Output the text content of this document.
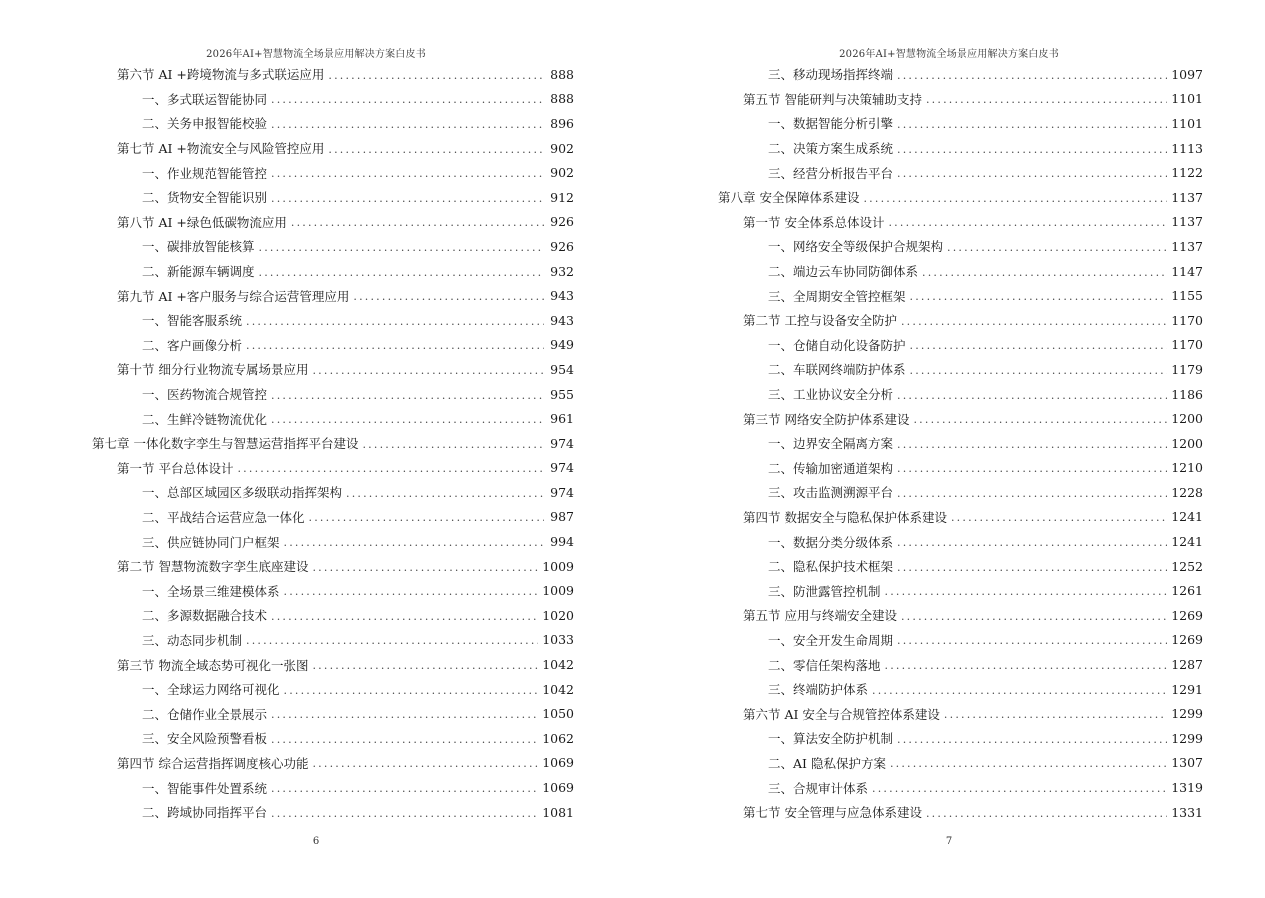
2026年AI+智慧物流全场景应用解决方案白皮书
第六节 AI +跨境物流与多式联运应用 .....	888
一、多式联运智能协同 .....	888
二、关务申报智能校验 .....	896
第七节 AI +物流安全与风险管控应用 .....	902
一、作业规范智能管控 .....	902
二、货物安全智能识别 .....	912
第八节 AI +绿色低碳物流应用 .....	926
一、碳排放智能核算 .....	926
二、新能源车辆调度 .....	932
第九节 AI +客户服务与综合运营管理应用 .....	943
一、智能客服系统 .....	943
二、客户画像分析 .....	949
第十节 细分行业物流专属场景应用 .....	954
一、医药物流合规管控 .....	955
二、生鲜冷链物流优化 .....	961
第七章 一体化数字孪生与智慧运营指挥平台建设 .....	974
第一节 平台总体设计 .....	974
一、总部区域园区多级联动指挥架构 .....	974
二、平战结合运营应急一体化 .....	987
三、供应链协同门户框架 .....	994
第二节 智慧物流数字孪生底座建设 .....	1009
一、全场景三维建模体系 .....	1009
二、多源数据融合技术 .....	1020
三、动态同步机制 .....	1033
第三节 物流全域态势可视化一张图 .....	1042
一、全球运力网络可视化 .....	1042
二、仓储作业全景展示 .....	1050
三、安全风险预警看板 .....	1062
第四节 综合运营指挥调度核心功能 .....	1069
一、智能事件处置系统 .....	1069
二、跨域协同指挥平台 .....	1081
6
2026年AI+智慧物流全场景应用解决方案白皮书
三、移动现场指挥终端 .....	1097
第五节 智能研判与决策辅助支持 .....	1101
一、数据智能分析引擎 .....	1101
二、决策方案生成系统 .....	1113
三、经营分析报告平台 .....	1122
第八章 安全保障体系建设 .....	1137
第一节 安全体系总体设计 .....	1137
一、网络安全等级保护合规架构 .....	1137
二、端边云车协同防御体系 .....	1147
三、全周期安全管控框架 .....	1155
第二节 工控与设备安全防护 .....	1170
一、仓储自动化设备防护 .....	1170
二、车联网终端防护体系 .....	1179
三、工业协议安全分析 .....	1186
第三节 网络安全防护体系建设 .....	1200
一、边界安全隔离方案 .....	1200
二、传输加密通道架构 .....	1210
三、攻击监测溯源平台 .....	1228
第四节 数据安全与隐私保护体系建设 .....	1241
一、数据分类分级体系 .....	1241
二、隐私保护技术框架 .....	1252
三、防泄露管控机制 .....	1261
第五节 应用与终端安全建设 .....	1269
一、安全开发生命周期 .....	1269
二、零信任架构落地 .....	1287
三、终端防护体系 .....	1291
第六节 AI 安全与合规管控体系建设 .....	1299
一、算法安全防护机制 .....	1299
二、AI 隐私保护方案 .....	1307
三、合规审计体系 .....	1319
第七节 安全管理与应急体系建设 .....	1331
7
